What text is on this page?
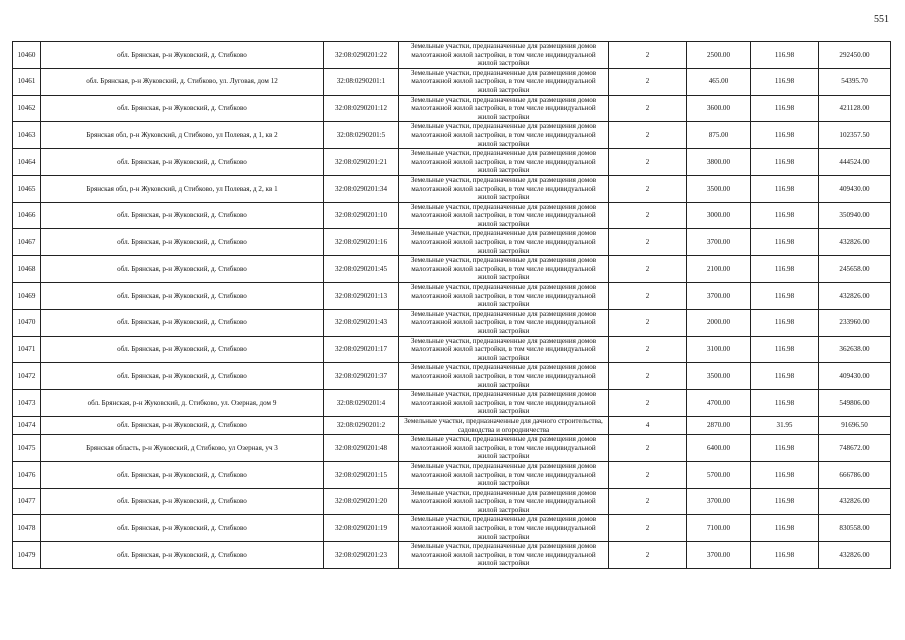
551
10460	обл. Брянская, р-н Жуковский, д. Стибково	32:08:0290201:22	Земельные участки, предназначенные для размещения домов малоэтажной жилой застройки, в том числе индивидуальной жилой застройки	2	2500.00	116.98	292450.00
10461	обл. Брянская, р-н Жуковский, д. Стибково, ул. Луговая, дом 12	32:08:0290201:1	Земельные участки, предназначенные для размещения домов малоэтажной жилой застройки, в том числе индивидуальной жилой застройки	2	465.00	116.98	54395.70
10462	обл. Брянская, р-н Жуковский, д. Стибково	32:08:0290201:12	Земельные участки, предназначенные для размещения домов малоэтажной жилой застройки, в том числе индивидуальной жилой застройки	2	3600.00	116.98	421128.00
10463	Брянская обл, р-н Жуковский, д Стибково, ул Полевая, д 1, кв 2	32:08:0290201:5	Земельные участки, предназначенные для размещения домов малоэтажной жилой застройки, в том числе индивидуальной жилой застройки	2	875.00	116.98	102357.50
10464	обл. Брянская, р-н Жуковский, д. Стибково	32:08:0290201:21	Земельные участки, предназначенные для размещения домов малоэтажной жилой застройки, в том числе индивидуальной жилой застройки	2	3800.00	116.98	444524.00
10465	Брянская обл, р-н Жуковский, д Стибково, ул Полевая, д 2, кв 1	32:08:0290201:34	Земельные участки, предназначенные для размещения домов малоэтажной жилой застройки, в том числе индивидуальной жилой застройки	2	3500.00	116.98	409430.00
10466	обл. Брянская, р-н Жуковский, д. Стибково	32:08:0290201:10	Земельные участки, предназначенные для размещения домов малоэтажной жилой застройки, в том числе индивидуальной жилой застройки	2	3000.00	116.98	350940.00
10467	обл. Брянская, р-н Жуковский, д. Стибково	32:08:0290201:16	Земельные участки, предназначенные для размещения домов малоэтажной жилой застройки, в том числе индивидуальной жилой застройки	2	3700.00	116.98	432826.00
10468	обл. Брянская, р-н Жуковский, д. Стибково	32:08:0290201:45	Земельные участки, предназначенные для размещения домов малоэтажной жилой застройки, в том числе индивидуальной жилой застройки	2	2100.00	116.98	245658.00
10469	обл. Брянская, р-н Жуковский, д. Стибково	32:08:0290201:13	Земельные участки, предназначенные для размещения домов малоэтажной жилой застройки, в том числе индивидуальной жилой застройки	2	3700.00	116.98	432826.00
10470	обл. Брянская, р-н Жуковский, д. Стибково	32:08:0290201:43	Земельные участки, предназначенные для размещения домов малоэтажной жилой застройки, в том числе индивидуальной жилой застройки	2	2000.00	116.98	233960.00
10471	обл. Брянская, р-н Жуковский, д. Стибково	32:08:0290201:17	Земельные участки, предназначенные для размещения домов малоэтажной жилой застройки, в том числе индивидуальной жилой застройки	2	3100.00	116.98	362638.00
10472	обл. Брянская, р-н Жуковский, д. Стибково	32:08:0290201:37	Земельные участки, предназначенные для размещения домов малоэтажной жилой застройки, в том числе индивидуальной жилой застройки	2	3500.00	116.98	409430.00
10473	обл. Брянская, р-н Жуковский, д. Стибково, ул. Озерная, дом 9	32:08:0290201:4	Земельные участки, предназначенные для размещения домов малоэтажной жилой застройки, в том числе индивидуальной жилой застройки	2	4700.00	116.98	549806.00
10474	обл. Брянская, р-н Жуковский, д. Стибково	32:08:0290201:2	Земельные участки, предназначенные для дачного строительства, садоводства и огородничества	4	2870.00	31.95	91696.50
10475	Брянская область, р-н Жуковский, д Стибково, ул Озерная, уч 3	32:08:0290201:48	Земельные участки, предназначенные для размещения домов малоэтажной жилой застройки, в том числе индивидуальной жилой застройки	2	6400.00	116.98	748672.00
10476	обл. Брянская, р-н Жуковский, д. Стибково	32:08:0290201:15	Земельные участки, предназначенные для размещения домов малоэтажной жилой застройки, в том числе индивидуальной жилой застройки	2	5700.00	116.98	666786.00
10477	обл. Брянская, р-н Жуковский, д. Стибково	32:08:0290201:20	Земельные участки, предназначенные для размещения домов малоэтажной жилой застройки, в том числе индивидуальной жилой застройки	2	3700.00	116.98	432826.00
10478	обл. Брянская, р-н Жуковский, д. Стибково	32:08:0290201:19	Земельные участки, предназначенные для размещения домов малоэтажной жилой застройки, в том числе индивидуальной жилой застройки	2	7100.00	116.98	830558.00
10479	обл. Брянская, р-н Жуковский, д. Стибково	32:08:0290201:23	Земельные участки, предназначенные для размещения домов малоэтажной жилой застройки, в том числе индивидуальной жилой застройки	2	3700.00	116.98	432826.00
